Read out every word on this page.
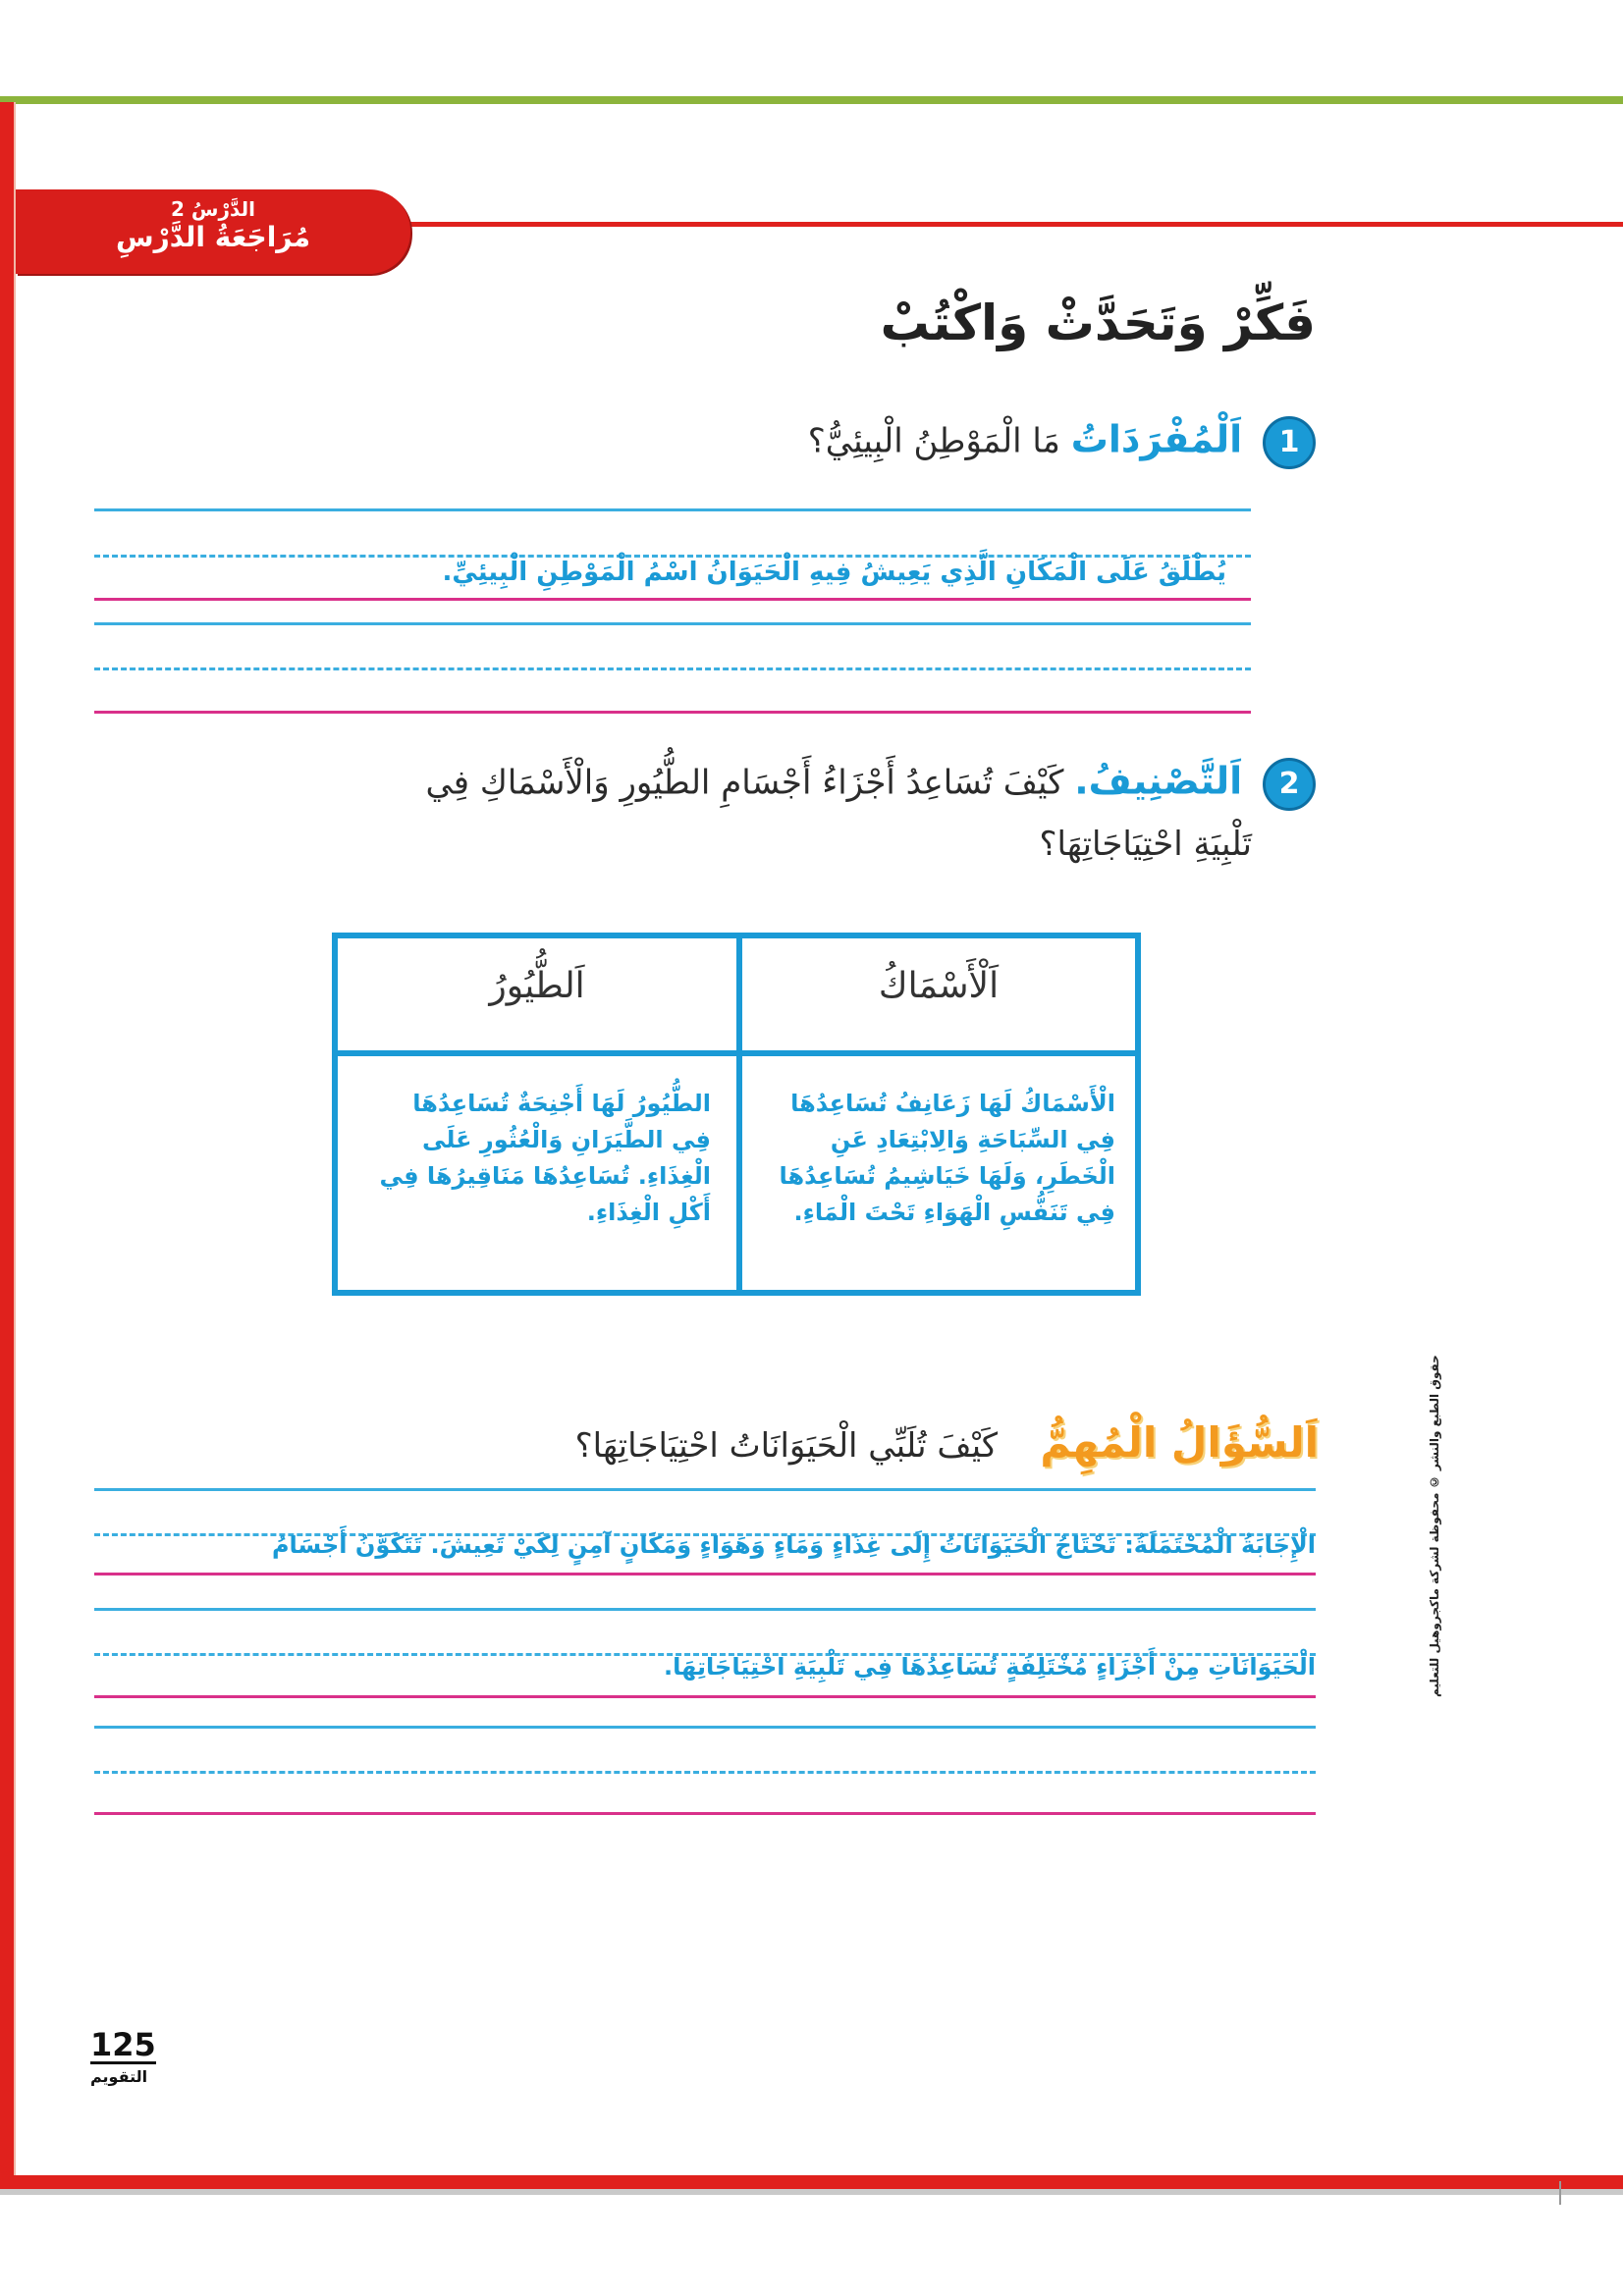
الدَّرْسُ 2
مُرَاجَعَةُ الدَّرْسِ
فَكِّرْ وَتَحَدَّثْ وَاكْتُبْ
1 اَلْمُفْرَدَاتُ مَا الْمَوْطِنُ الْبِيئِيُّ؟
يُطْلَقُ عَلَى الْمَكَانِ الَّذِي يَعِيشُ فِيهِ الْحَيَوَانُ اسْمُ الْمَوْطِنِ الْبِيئِيِّ.
2 اَلتَّصْنِيفُ. كَيْفَ تُسَاعِدُ أَجْزَاءُ أَجْسَامِ الطُّيُورِ وَالْأَسْمَاكِ فِي
تَلْبِيَةِ احْتِيَاجَاتِهَا؟
اَلْأَسْمَاكُ
اَلطُّيُورُ
الْأَسْمَاكُ لَهَا زَعَانِفُ تُسَاعِدُهَا
فِي السِّبَاحَةِ وَالِابْتِعَادِ عَنِ
الْخَطَرِ، وَلَهَا خَيَاشِيمُ تُسَاعِدُهَا
فِي تَنَفُّسِ الْهَوَاءِ تَحْتَ الْمَاءِ.
الطُّيُورُ لَهَا أَجْنِحَةٌ تُسَاعِدُهَا
فِي الطَّيَرَانِ وَالْعُثُورِ عَلَى
الْغِذَاءِ. تُسَاعِدُهَا مَنَاقِيرُهَا فِي
أَكْلِ الْغِذَاءِ.
اَلسُّؤَالُ الْمُهِمُّ    كَيْفَ تُلَبِّي الْحَيَوَانَاتُ احْتِيَاجَاتِهَا؟
الْإِجَابَةُ الْمُحْتَمَلَةُ: تَحْتَاجُ الْحَيَوَانَاتُ إِلَى غِذَاءٍ وَمَاءٍ وَهَوَاءٍ وَمَكَانٍ آمِنٍ لِكَيْ تَعِيشَ. تَتَكَوَّنُ أَجْسَامُ
الْحَيَوَانَاتِ مِنْ أَجْزَاءٍ مُخْتَلِفَةٍ تُسَاعِدُهَا فِي تَلْبِيَةِ احْتِيَاجَاتِهَا.	حقوق الطبع والنشر © محفوظة لشركة ماكجروهيل للتعليم
125
التقويم
